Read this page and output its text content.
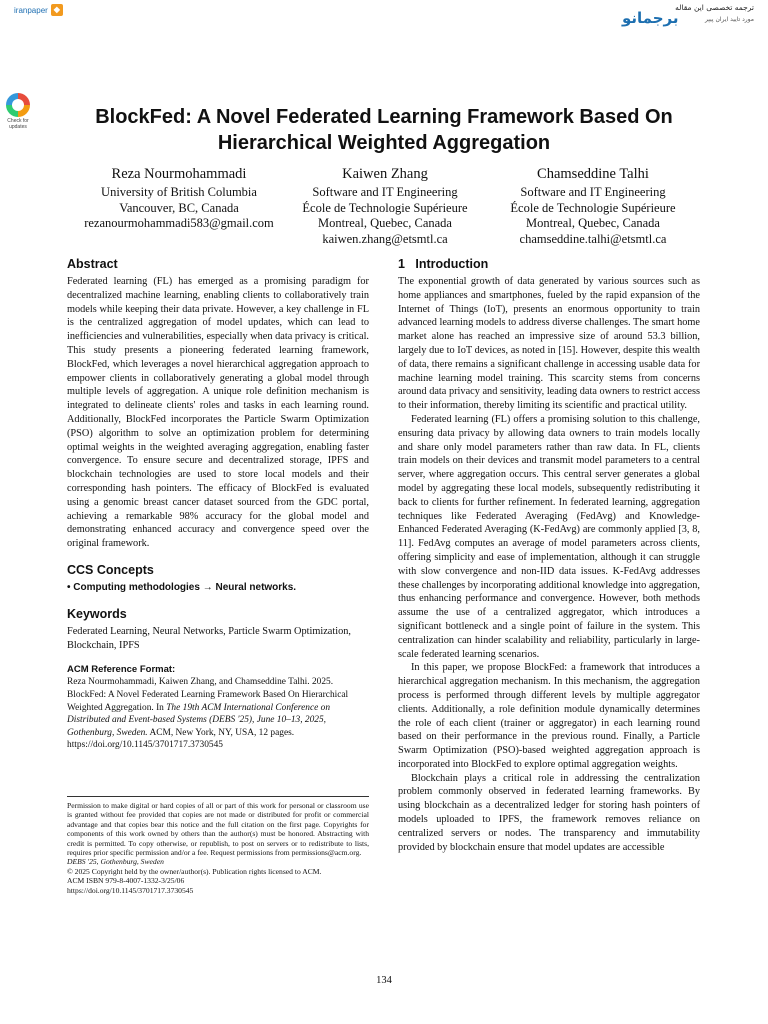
iranpaper ◆	ترجمه تخصصی این مقاله
مورد تایید ایران پیپر
برجمانو
Check for updates	BlockFed: A Novel Federated Learning Framework Based On Hierarchical Weighted Aggregation
Reza Nourmohammadi
University of British Columbia
Vancouver, BC, Canada
rezanourmohammadi583@gmail.com
Kaiwen Zhang
Software and IT Engineering
École de Technologie Supérieure
Montreal, Quebec, Canada
kaiwen.zhang@etsmtl.ca
Chamseddine Talhi
Software and IT Engineering
École de Technologie Supérieure
Montreal, Quebec, Canada
chamseddine.talhi@etsmtl.ca
Abstract

Federated learning (FL) has emerged as a promising paradigm for decentralized machine learning, enabling clients to collaboratively train models while keeping their data private. However, a key challenge in FL is the centralized aggregation of model updates, which can lead to inefficiencies and vulnerabilities, especially when data privacy is critical. This study presents a pioneering federated learning framework, BlockFed, which leverages a novel hierarchical aggregation approach to empower clients in collaboratively generating a global model through multiple levels of aggregation. A unique role definition mechanism is integrated to delineate clients' roles and tasks in each learning round. Additionally, BlockFed incorporates the Particle Swarm Optimization (PSO) algorithm to solve an optimization problem for determining optimal weights in the weighted averaging aggregation, enabling faster convergence. To ensure secure and decentralized storage, IPFS and blockchain technologies are used to store local models and their corresponding hash pointers. The efficacy of BlockFed is evaluated using a genomic breast cancer dataset sourced from the GDC portal, achieving a remarkable 98% accuracy for the global model and demonstrating enhanced accuracy and convergence speed over the original framework.

CCS Concepts

• Computing methodologies → Neural networks.

Keywords

Federated Learning, Neural Networks, Particle Swarm Optimization, Blockchain, IPFS

ACM Reference Format:

Reza Nourmohammadi, Kaiwen Zhang, and Chamseddine Talhi. 2025. BlockFed: A Novel Federated Learning Framework Based On Hierarchical Weighted Aggregation. In The 19th ACM International Conference on Distributed and Event-based Systems (DEBS '25), June 10–13, 2025, Gothenburg, Sweden. ACM, New York, NY, USA, 12 pages. https://doi.org/10.1145/3701717.3730545

Permission to make digital or hard copies of all or part of this work for personal or classroom use is granted without fee provided that copies are not made or distributed for profit or commercial advantage and that copies bear this notice and the full citation on the first page. Copyrights for components of this work owned by others than the author(s) must be honored. Abstracting with credit is permitted. To copy otherwise, or republish, to post on servers or to redistribute to lists, requires prior specific permission and/or a fee. Request permissions from permissions@acm.org.
DEBS '25, Gothenburg, Sweden
© 2025 Copyright held by the owner/author(s). Publication rights licensed to ACM.
ACM ISBN 979-8-4007-1332-3/25/06
https://doi.org/10.1145/3701717.3730545
1   Introduction

The exponential growth of data generated by various sources such as home appliances and smartphones, fueled by the rapid expansion of the Internet of Things (IoT), presents an enormous opportunity to train advanced learning models to address diverse challenges. The smart home market alone has reached an impressive size of around 53.3 billion, largely due to IoT devices, as noted in [15]. However, despite this wealth of data, there remains a significant challenge in accessing usable data for machine learning model training. This scarcity stems from concerns around data privacy and sensitivity, leading data owners to restrict access to their information, thereby limiting its scientific and practical utility.

Federated learning (FL) offers a promising solution to this challenge, ensuring data privacy by allowing data owners to train models locally and share only model parameters rather than raw data. In FL, clients train models on their devices and transmit model parameters to a central server, where aggregation occurs. This central server generates a global model by aggregating these local models, subsequently redistributing it back to clients for further refinement. In federated learning, aggregation techniques like Federated Averaging (FedAvg) and Knowledge-Enhanced Federated Averaging (K-FedAvg) are commonly applied [3, 8, 11]. FedAvg computes an average of model parameters across clients, offering simplicity and ease of implementation, although it can struggle with slow convergence and non-IID data issues. K-FedAvg addresses these challenges by incorporating additional knowledge into aggregation, thus enhancing performance and convergence. However, both methods assume the use of a centralized aggregator, which introduces a significant bottleneck and a single point of failure in the system. This centralization can hinder scalability and reliability, particularly in large-scale federated learning scenarios.

In this paper, we propose BlockFed: a framework that introduces a hierarchical aggregation mechanism. In this mechanism, the aggregation process is performed through different levels by multiple aggregator clients. Additionally, a role definition module dynamically determines the role of each client (trainer or aggregator) in each learning round based on their performance in the previous round. Finally, a Particle Swarm Optimization (PSO)-based weighted aggregation approach is incorporated into BlockFed to explore optimal aggregation weights.

Blockchain plays a critical role in addressing the centralization problem commonly observed in federated learning frameworks. By using blockchain as a decentralized ledger for storing hash pointers of models uploaded to IPFS, the framework removes reliance on centralized servers or nodes. The transparency and immutability provided by blockchain ensure that model updates are accessible

134
